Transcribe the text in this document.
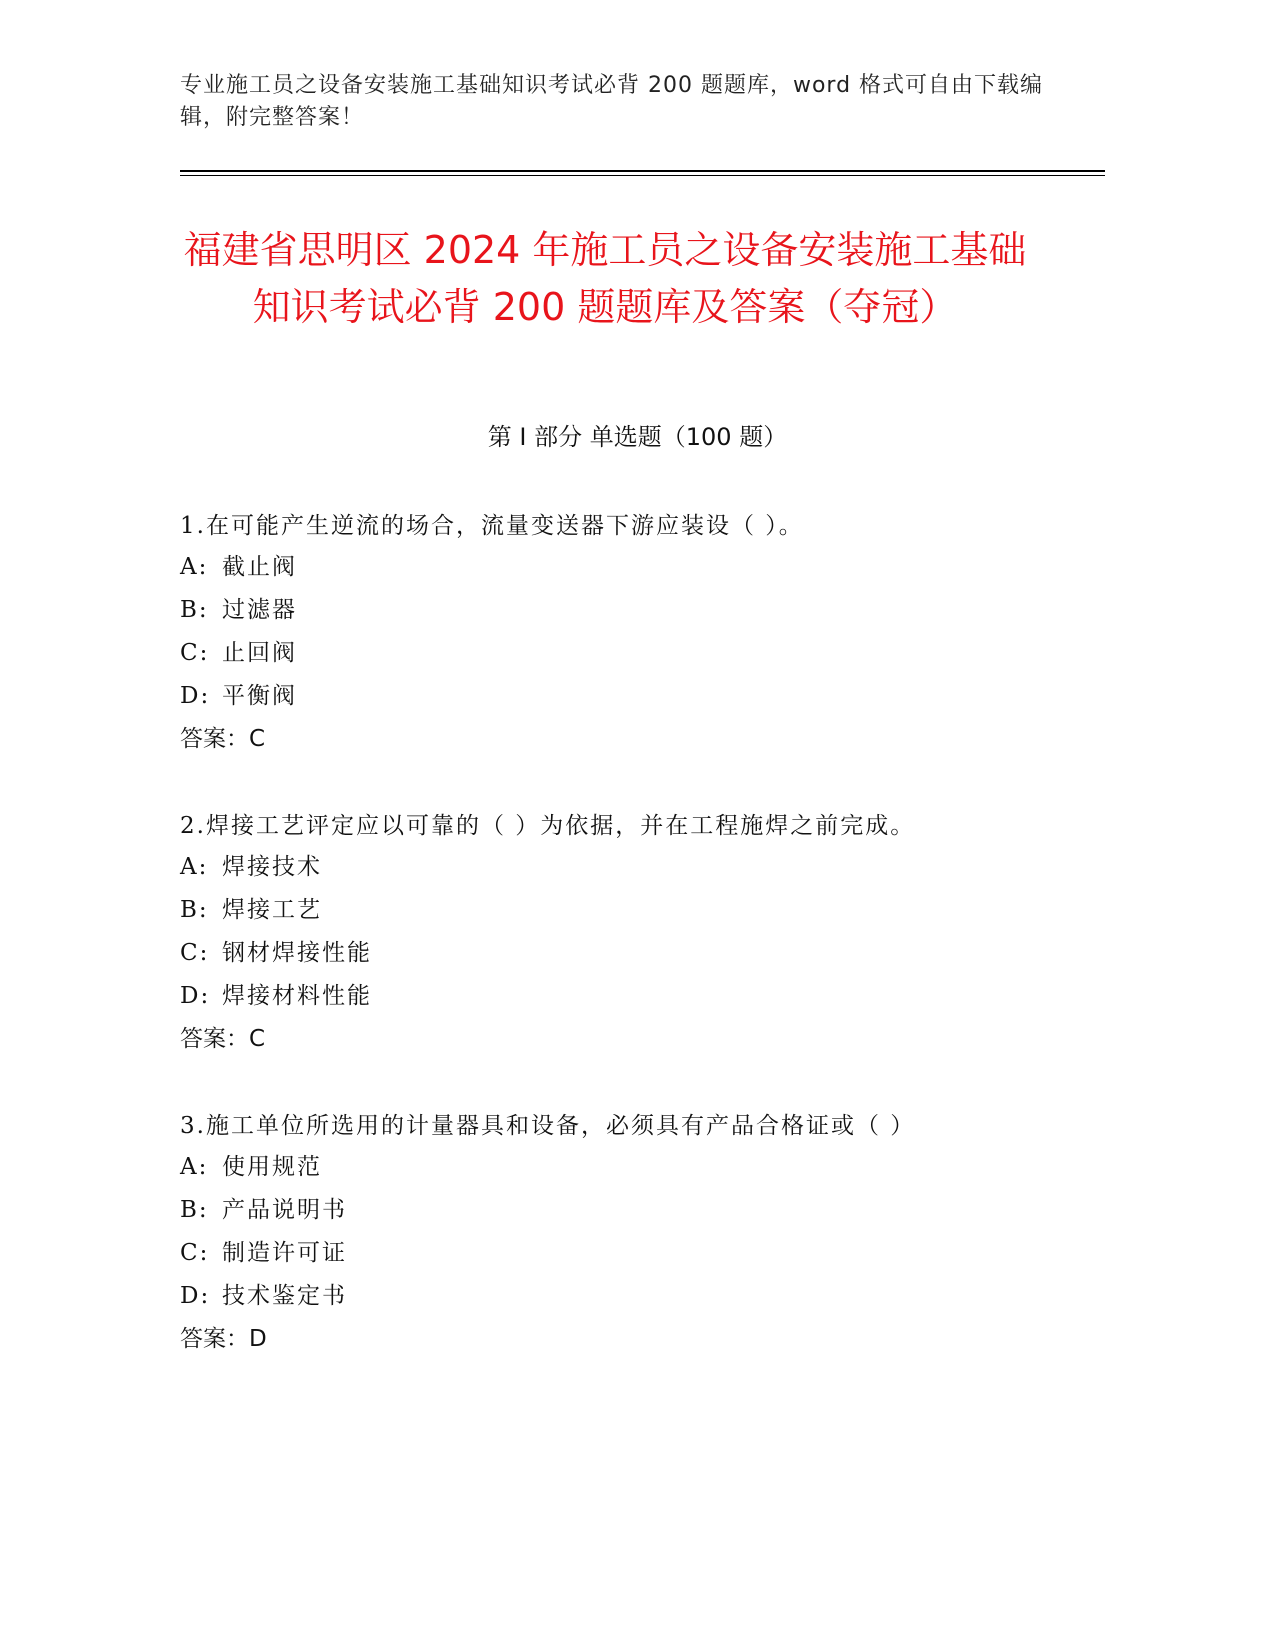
专业施工员之设备安装施工基础知识考试必背 200 题题库，word 格式可自由下载编辑，附完整答案！
福建省思明区 2024 年施工员之设备安装施工基础知识考试必背 200 题题库及答案（夺冠）
第 I 部分 单选题（100 题）
1.在可能产生逆流的场合，流量变送器下游应装设（ ）。
A: 截止阀
B: 过滤器
C: 止回阀
D: 平衡阀
答案：C
2.焊接工艺评定应以可靠的（ ）为依据，并在工程施焊之前完成。
A: 焊接技术
B: 焊接工艺
C: 钢材焊接性能
D: 焊接材料性能
答案：C
3.施工单位所选用的计量器具和设备，必须具有产品合格证或（ ）
A: 使用规范
B: 产品说明书
C: 制造许可证
D: 技术鉴定书
答案：D
